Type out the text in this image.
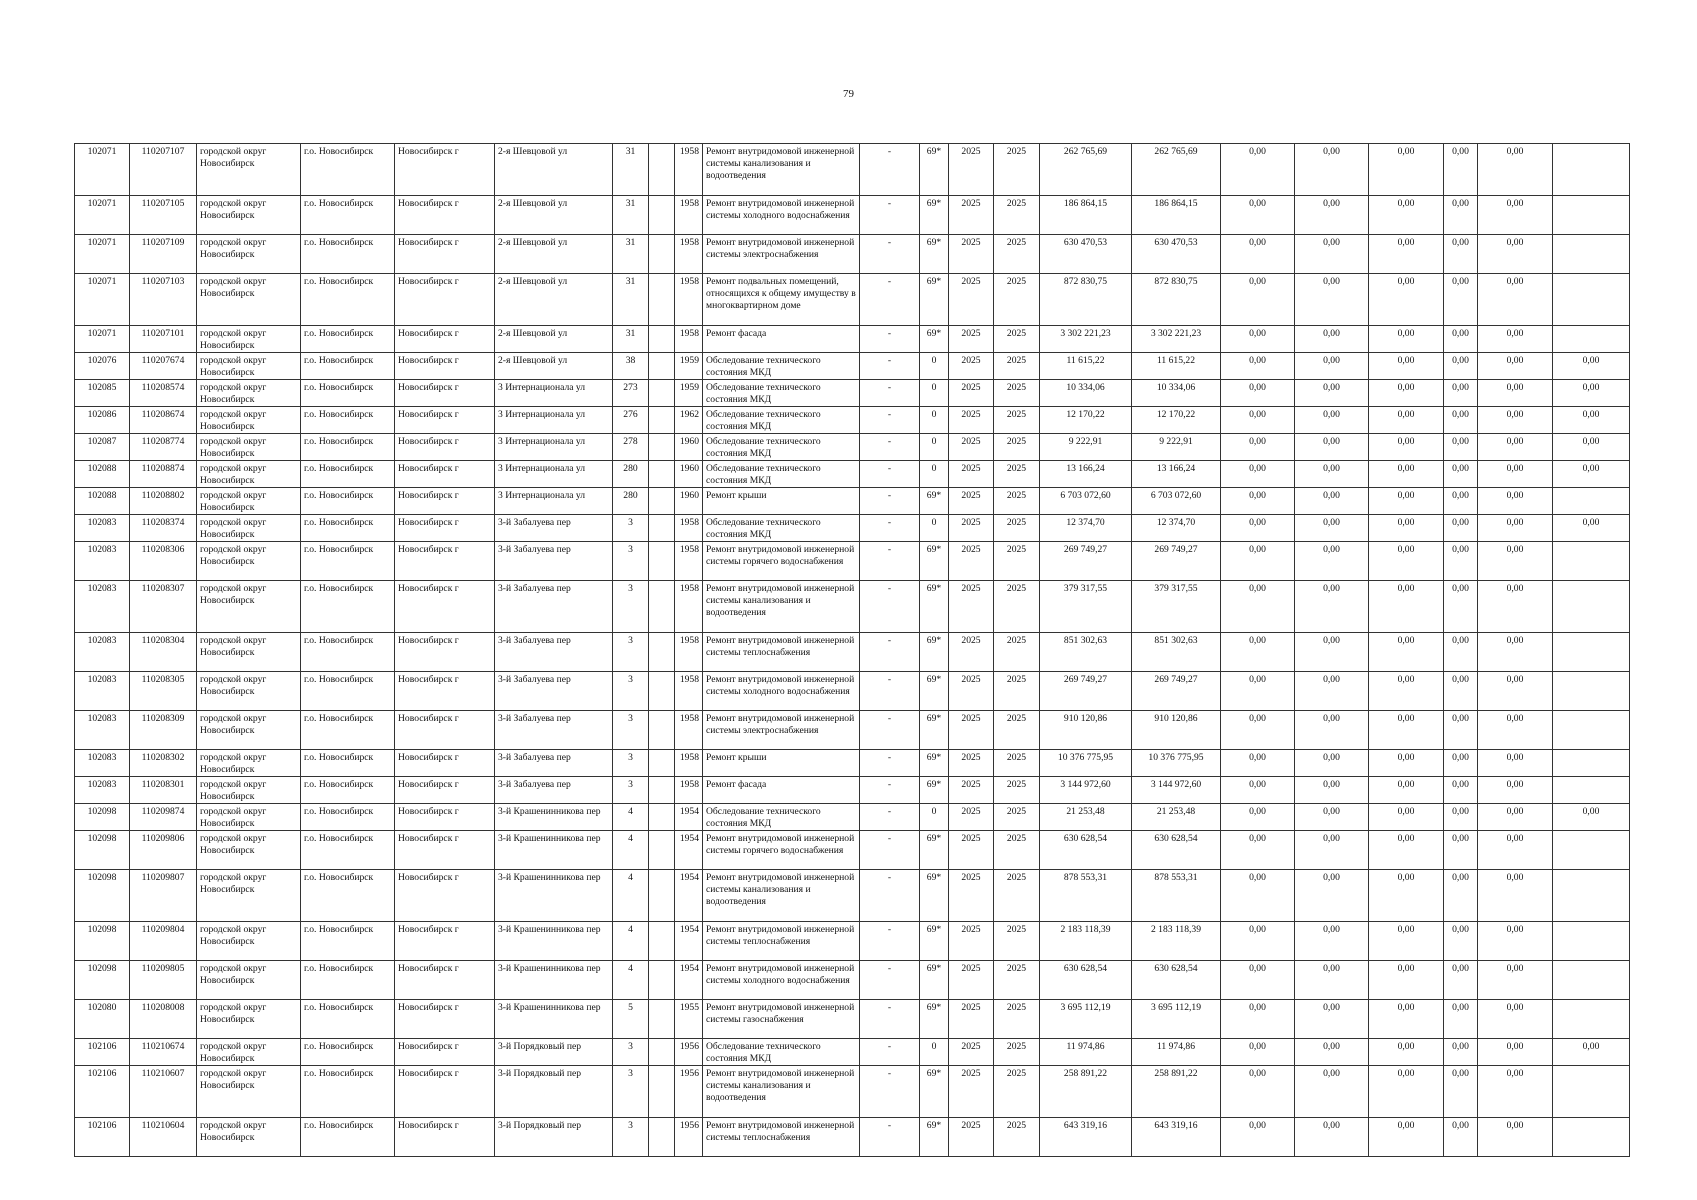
79
102071	110207107	городской округ Новосибирск	г.о. Новосибирск	Новосибирск г	2-я Шевцовой ул	31		1958	Ремонт внутридомовой инженерной системы канализования и водоотведения	-	69*	2025	2025	262 765,69	262 765,69	0,00	0,00	0,00	0,00	0,00	
102071	110207105	городской округ Новосибирск	г.о. Новосибирск	Новосибирск г	2-я Шевцовой ул	31		1958	Ремонт внутридомовой инженерной системы холодного водоснабжения	-	69*	2025	2025	186 864,15	186 864,15	0,00	0,00	0,00	0,00	0,00	
102071	110207109	городской округ Новосибирск	г.о. Новосибирск	Новосибирск г	2-я Шевцовой ул	31		1958	Ремонт внутридомовой инженерной системы электроснабжения	-	69*	2025	2025	630 470,53	630 470,53	0,00	0,00	0,00	0,00	0,00	
102071	110207103	городской округ Новосибирск	г.о. Новосибирск	Новосибирск г	2-я Шевцовой ул	31		1958	Ремонт подвальных помещений, относящихся к общему имуществу в многоквартирном доме	-	69*	2025	2025	872 830,75	872 830,75	0,00	0,00	0,00	0,00	0,00	
102071	110207101	городской округ Новосибирск	г.о. Новосибирск	Новосибирск г	2-я Шевцовой ул	31		1958	Ремонт фасада	-	69*	2025	2025	3 302 221,23	3 302 221,23	0,00	0,00	0,00	0,00	0,00	
102076	110207674	городской округ Новосибирск	г.о. Новосибирск	Новосибирск г	2-я Шевцовой ул	38		1959	Обследование технического состояния МКД	-	0	2025	2025	11 615,22	11 615,22	0,00	0,00	0,00	0,00	0,00	0,00
102085	110208574	городской округ Новосибирск	г.о. Новосибирск	Новосибирск г	3 Интернационала ул	273		1959	Обследование технического состояния МКД	-	0	2025	2025	10 334,06	10 334,06	0,00	0,00	0,00	0,00	0,00	0,00
102086	110208674	городской округ Новосибирск	г.о. Новосибирск	Новосибирск г	3 Интернационала ул	276		1962	Обследование технического состояния МКД	-	0	2025	2025	12 170,22	12 170,22	0,00	0,00	0,00	0,00	0,00	0,00
102087	110208774	городской округ Новосибирск	г.о. Новосибирск	Новосибирск г	3 Интернационала ул	278		1960	Обследование технического состояния МКД	-	0	2025	2025	9 222,91	9 222,91	0,00	0,00	0,00	0,00	0,00	0,00
102088	110208874	городской округ Новосибирск	г.о. Новосибирск	Новосибирск г	3 Интернационала ул	280		1960	Обследование технического состояния МКД	-	0	2025	2025	13 166,24	13 166,24	0,00	0,00	0,00	0,00	0,00	0,00
102088	110208802	городской округ Новосибирск	г.о. Новосибирск	Новосибирск г	3 Интернационала ул	280		1960	Ремонт крыши	-	69*	2025	2025	6 703 072,60	6 703 072,60	0,00	0,00	0,00	0,00	0,00	
102083	110208374	городской округ Новосибирск	г.о. Новосибирск	Новосибирск г	3-й Забалуева пер	3		1958	Обследование технического состояния МКД	-	0	2025	2025	12 374,70	12 374,70	0,00	0,00	0,00	0,00	0,00	0,00
102083	110208306	городской округ Новосибирск	г.о. Новосибирск	Новосибирск г	3-й Забалуева пер	3		1958	Ремонт внутридомовой инженерной системы горячего водоснабжения	-	69*	2025	2025	269 749,27	269 749,27	0,00	0,00	0,00	0,00	0,00	
102083	110208307	городской округ Новосибирск	г.о. Новосибирск	Новосибирск г	3-й Забалуева пер	3		1958	Ремонт внутридомовой инженерной системы канализования и водоотведения	-	69*	2025	2025	379 317,55	379 317,55	0,00	0,00	0,00	0,00	0,00	
102083	110208304	городской округ Новосибирск	г.о. Новосибирск	Новосибирск г	3-й Забалуева пер	3		1958	Ремонт внутридомовой инженерной системы теплоснабжения	-	69*	2025	2025	851 302,63	851 302,63	0,00	0,00	0,00	0,00	0,00	
102083	110208305	городской округ Новосибирск	г.о. Новосибирск	Новосибирск г	3-й Забалуева пер	3		1958	Ремонт внутридомовой инженерной системы холодного водоснабжения	-	69*	2025	2025	269 749,27	269 749,27	0,00	0,00	0,00	0,00	0,00	
102083	110208309	городской округ Новосибирск	г.о. Новосибирск	Новосибирск г	3-й Забалуева пер	3		1958	Ремонт внутридомовой инженерной системы электроснабжения	-	69*	2025	2025	910 120,86	910 120,86	0,00	0,00	0,00	0,00	0,00	
102083	110208302	городской округ Новосибирск	г.о. Новосибирск	Новосибирск г	3-й Забалуева пер	3		1958	Ремонт крыши	-	69*	2025	2025	10 376 775,95	10 376 775,95	0,00	0,00	0,00	0,00	0,00	
102083	110208301	городской округ Новосибирск	г.о. Новосибирск	Новосибирск г	3-й Забалуева пер	3		1958	Ремонт фасада	-	69*	2025	2025	3 144 972,60	3 144 972,60	0,00	0,00	0,00	0,00	0,00	
102098	110209874	городской округ Новосибирск	г.о. Новосибирск	Новосибирск г	3-й Крашенинникова пер	4		1954	Обследование технического состояния МКД	-	0	2025	2025	21 253,48	21 253,48	0,00	0,00	0,00	0,00	0,00	0,00
102098	110209806	городской округ Новосибирск	г.о. Новосибирск	Новосибирск г	3-й Крашенинникова пер	4		1954	Ремонт внутридомовой инженерной системы горячего водоснабжения	-	69*	2025	2025	630 628,54	630 628,54	0,00	0,00	0,00	0,00	0,00	
102098	110209807	городской округ Новосибирск	г.о. Новосибирск	Новосибирск г	3-й Крашенинникова пер	4		1954	Ремонт внутридомовой инженерной системы канализования и водоотведения	-	69*	2025	2025	878 553,31	878 553,31	0,00	0,00	0,00	0,00	0,00	
102098	110209804	городской округ Новосибирск	г.о. Новосибирск	Новосибирск г	3-й Крашенинникова пер	4		1954	Ремонт внутридомовой инженерной системы теплоснабжения	-	69*	2025	2025	2 183 118,39	2 183 118,39	0,00	0,00	0,00	0,00	0,00	
102098	110209805	городской округ Новосибирск	г.о. Новосибирск	Новосибирск г	3-й Крашенинникова пер	4		1954	Ремонт внутридомовой инженерной системы холодного водоснабжения	-	69*	2025	2025	630 628,54	630 628,54	0,00	0,00	0,00	0,00	0,00	
102080	110208008	городской округ Новосибирск	г.о. Новосибирск	Новосибирск г	3-й Крашенинникова пер	5		1955	Ремонт внутридомовой инженерной системы газоснабжения	-	69*	2025	2025	3 695 112,19	3 695 112,19	0,00	0,00	0,00	0,00	0,00	
102106	110210674	городской округ Новосибирск	г.о. Новосибирск	Новосибирск г	3-й Порядковый пер	3		1956	Обследование технического состояния МКД	-	0	2025	2025	11 974,86	11 974,86	0,00	0,00	0,00	0,00	0,00	0,00
102106	110210607	городской округ Новосибирск	г.о. Новосибирск	Новосибирск г	3-й Порядковый пер	3		1956	Ремонт внутридомовой инженерной системы канализования и водоотведения	-	69*	2025	2025	258 891,22	258 891,22	0,00	0,00	0,00	0,00	0,00	
102106	110210604	городской округ Новосибирск	г.о. Новосибирск	Новосибирск г	3-й Порядковый пер	3		1956	Ремонт внутридомовой инженерной системы теплоснабжения	-	69*	2025	2025	643 319,16	643 319,16	0,00	0,00	0,00	0,00	0,00	
